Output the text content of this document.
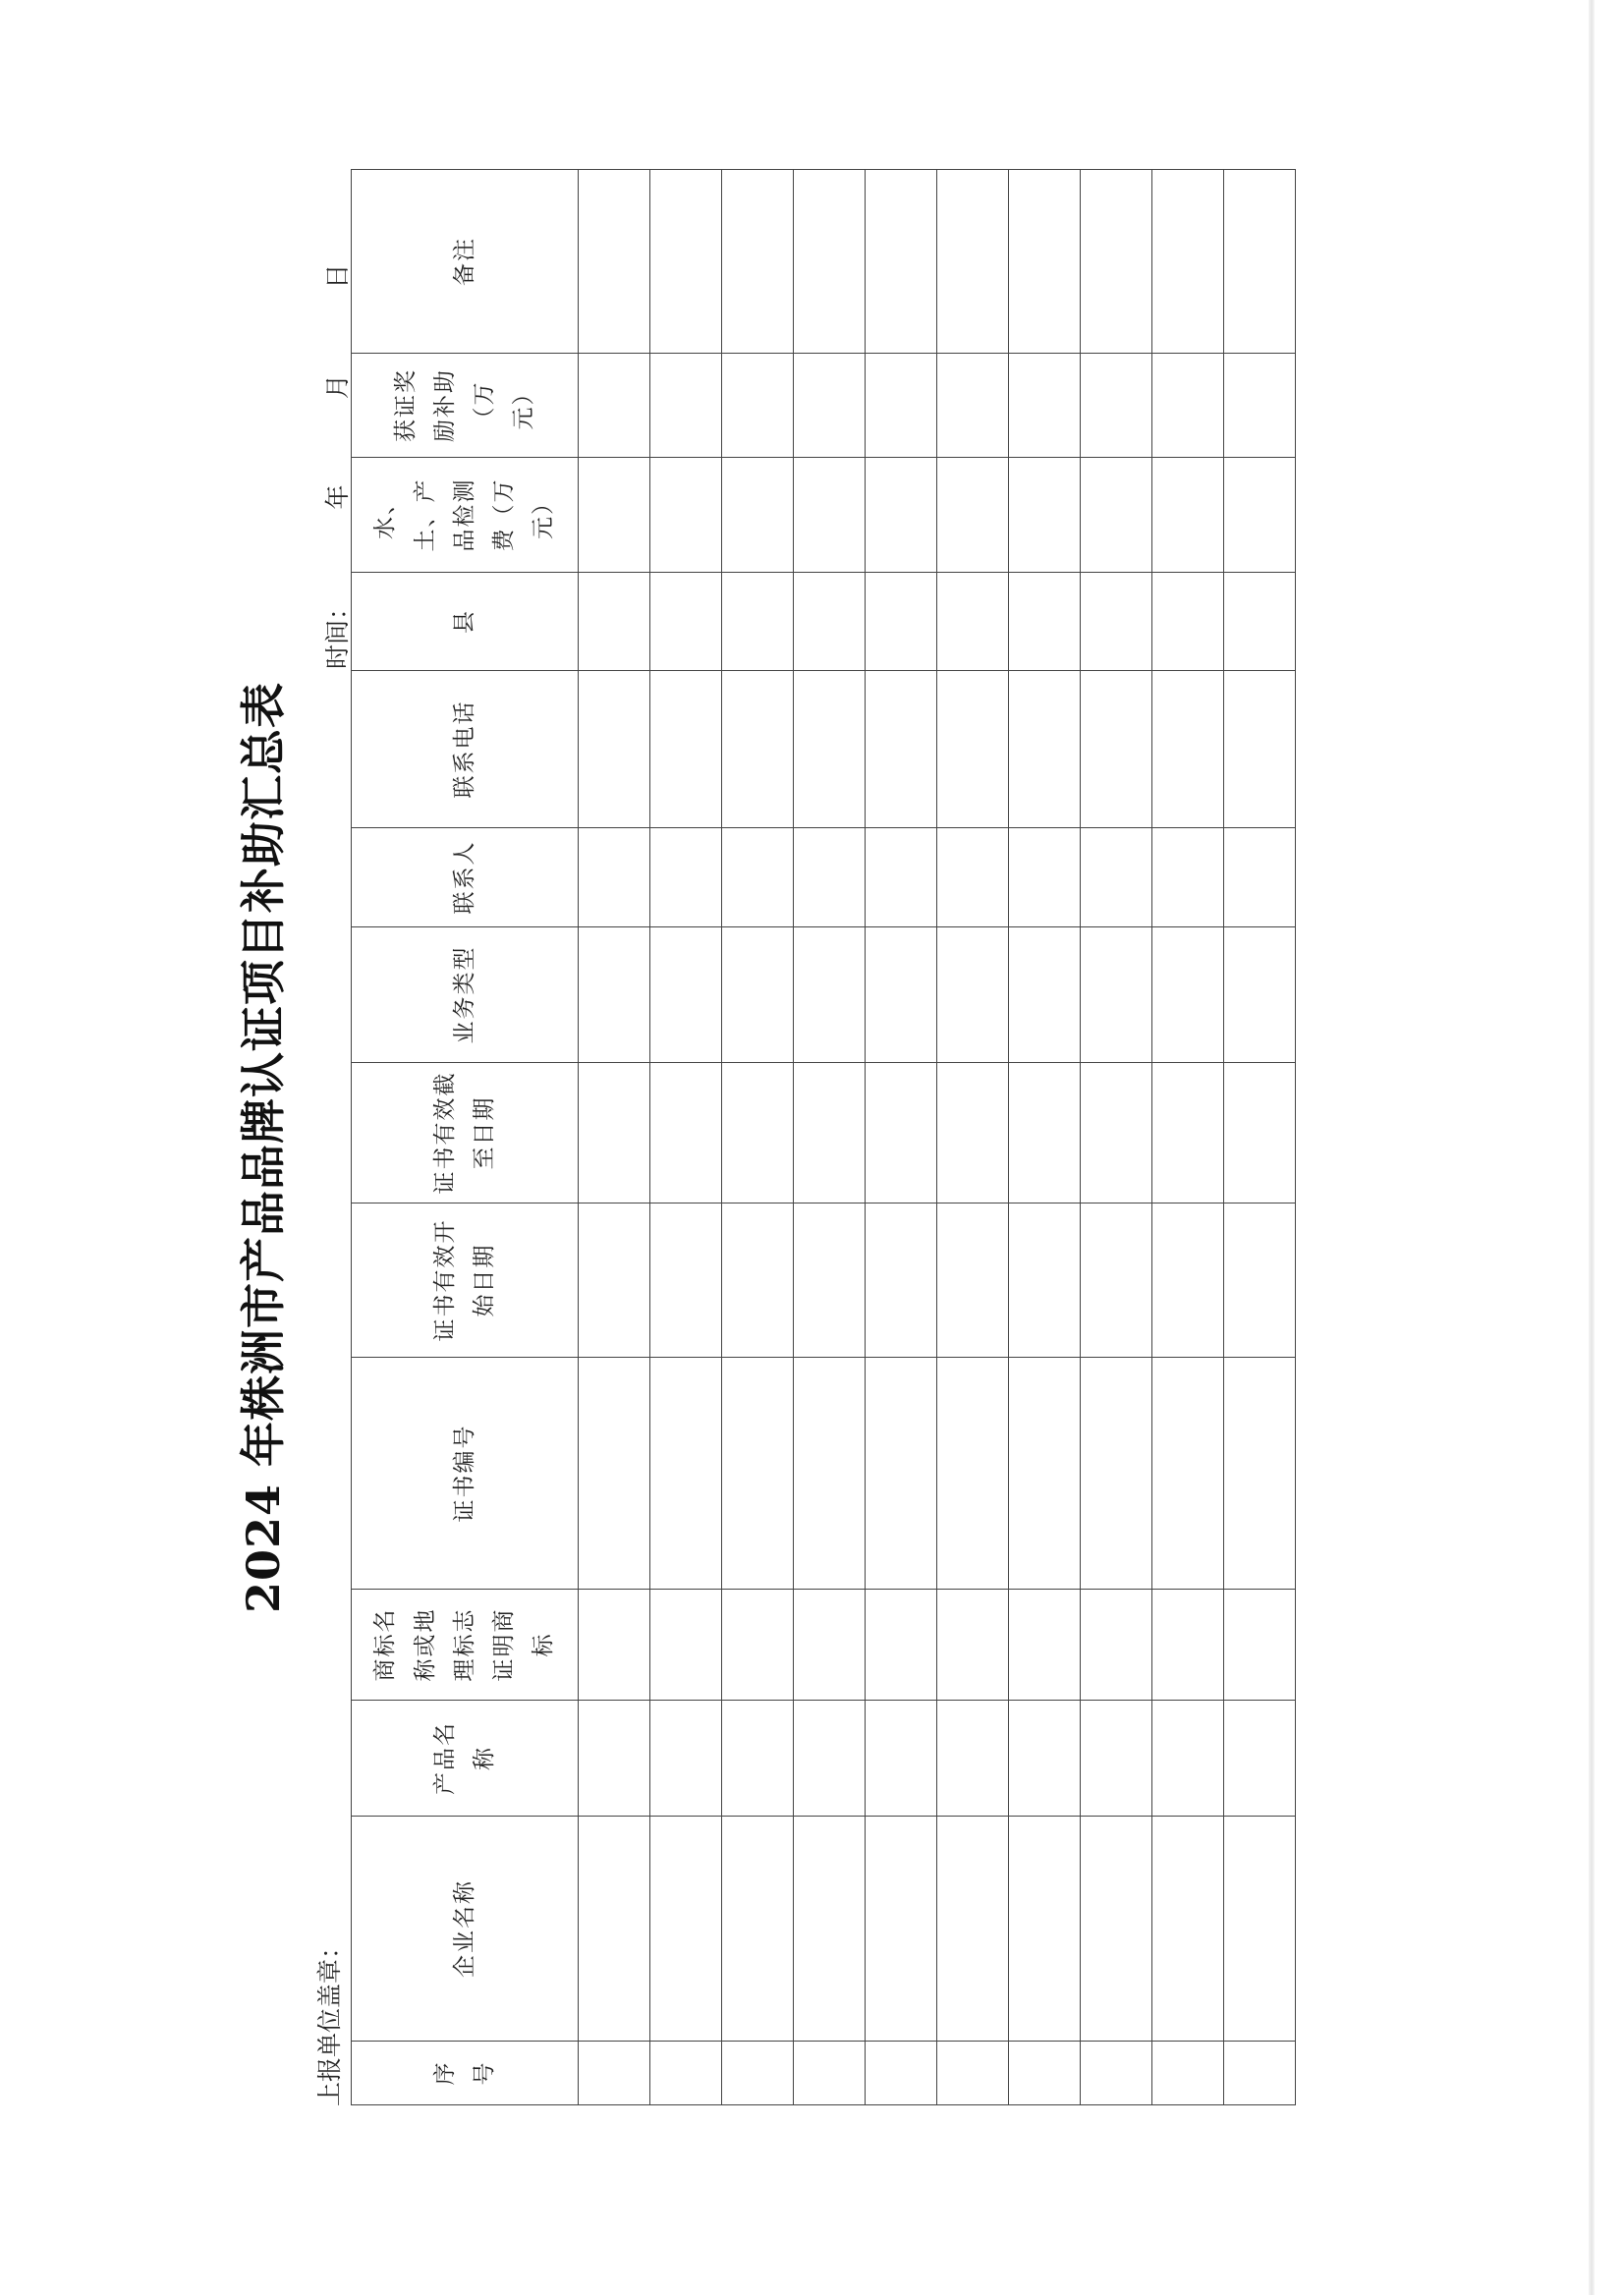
2024 年株洲市产品品牌认证项目补助汇总表
上报单位盖章：
时间：           年           月           日
序 号	企业名称	产品名称	商标名称或地理标志证明商标	证书编号	证书有效开始日期	证书有效截至日期	业务类型	联系人	联系电话	县	水、土、产品检测费（万元）	获证奖励补助（万元）	备注
